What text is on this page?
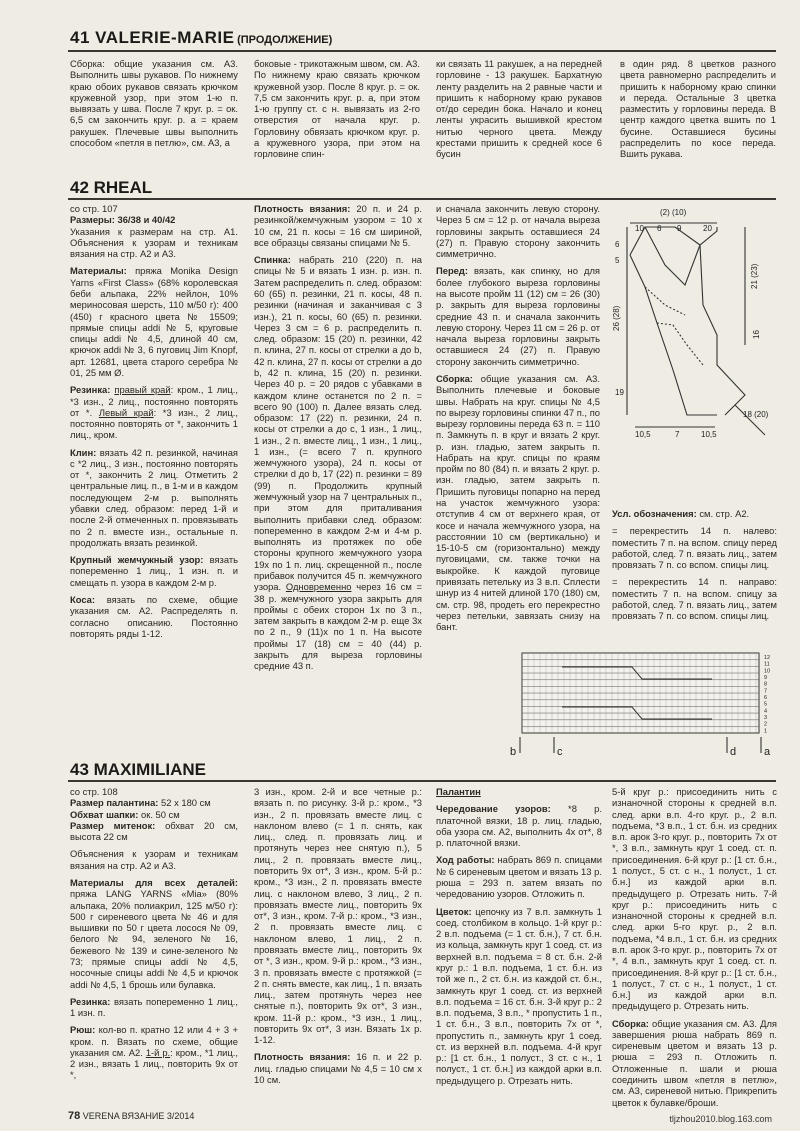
41 VALERIE-MARIE (ПРОДОЛЖЕНИЕ)
Сборка: общие указания см. А3. Выполнить швы рукавов. По нижнему краю обоих рукавов связать крючком кружевной узор, при этом 1-ю п. вывязать у шва. После 7 круг. р. = ок. 6,5 см закончить круг. р. а = краем ракушек. Плечевые швы выполнить способом «петля в петлю», см. А3, а
боковые - трикотажным швом, см. А3. По нижнему краю связать крючком кружевной узор. После 8 круг. р. = ок. 7,5 см закончить круг. р. а, при этом 1-ю группу ст. с н. вывязать из 2-го отверстия от начала круг. р. Горловину обвязать крючком круг. р. а кружевного узора, при этом на горловине спин-
ки связать 11 ракушек, а на передней горловине - 13 ракушек. Бархатную ленту разделить на 2 равные части и пришить к наборному краю рукавов от/до середин бока. Начало и конец ленты украсить вышивкой крестом нитью черного цвета. Между крестами пришить к средней косе 6 бусин
в один ряд. 8 цветков разного цвета равномерно распределить и пришить к наборному краю спинки и переда. Остальные 3 цветка разместить у горловины переда. В центр каждого цветка вшить по 1 бусине. Оставшиеся бусины распределить по косе переда. Вшить рукава.
42 RHEAL

со стр. 107
Размеры: 36/38 и 40/42
Указания к размерам на стр. А1. Объяснения к узорам и техникам вязания на стр. А2 и А3.

Материалы: пряжа Monika Design Yarns «First Class» (68% королевская беби альпака, 22% нейлон, 10% мериносовая шерсть, 110 м/50 г): 400 (450) г красного цвета № 15509; прямые спицы addi № 5, круговые спицы addi № 4,5, длиной 40 см, крючок addi № 3, 6 пуговиц Jim Knopf, арт. 12681, цвета старого серебра № 01, 25 мм Ø.

Резинка: правый край: кром., 1 лиц., *3 изн., 2 лиц., постоянно повторять от *. Левый край: *3 изн., 2 лиц., постоянно повторять от *, закончить 1 лиц., кром.

Клин: вязать 42 п. резинкой, начиная с *2 лиц., 3 изн., постоянно повторять от *, закончить 2 лиц. Отметить 2 центральные лиц. п., в 1-м и в каждом последующем 2-м р. выполнять убавки след. образом: перед 1-й и после 2-й отмеченных п. провязывать по 2 п. вместе изн., остальные п. продолжать вязать резинкой.

Крупный жемчужный узор: вязать попеременно 1 лиц., 1 изн. п. и смещать п. узора в каждом 2-м р.

Коса: вязать по схеме, общие указания см. А2. Распределять п. согласно описанию. Постоянно повторять ряды 1-12.

Плотность вязания: 20 п. и 24 р. резинкой/жемчужным узором = 10 x 10 см, 21 п. косы = 16 см шириной, все образцы связаны спицами № 5.

Спинка: набрать 210 (220) п. на спицы № 5 и вязать 1 изн. р. изн. п. Затем распределить п. след. образом: 60 (65) п. резинки, 21 п. косы, 48 п. резинки (начиная и заканчивая с 3 изн.), 21 п. косы, 60 (65) п. резинки. Через 3 см = 6 р. распределить п. след. образом: 15 (20) п. резинки, 42 п. клина, 27 п. косы от стрелки a до b, 42 п. клина, 27 п. косы от стрелки a до b, 42 п. клина, 15 (20) п. резинки. Через 40 р. = 20 рядов с убавками в каждом клине останется по 2 п. = всего 90 (100) п. Далее вязать след. образом: 17 (22) п. резинки, 24 п. косы от стрелки a до c, 1 изн., 1 лиц., 1 изн., 2 п. вместе лиц., 1 изн., 1 лиц., 1 изн., (= всего 7 п. крупного жемчужного узора), 24 п. косы от стрелки d до b, 17 (22) п. резинки = 89 (99) п. Продолжить крупный жемчужный узор на 7 центральных п., при этом для приталивания выполнить прибавки след. образом: попеременно в каждом 2-м и 4-м р. выполнять из протяжек по обе стороны крупного жемчужного узора 19x по 1 п. лиц. скрещенной п., после прибавок получится 45 п. жемчужного узора. Одновременно через 16 см = 38 р. жемчужного узора закрыть для проймы с обеих сторон 1x по 3 п., затем закрыть в каждом 2-м р. еще 3x по 2 п., 9 (11)x по 1 п. На высоте проймы 17 (18) см = 40 (44) р. закрыть для выреза горловины средние 43 п.

и сначала закончить левую сторону. Через 5 см = 12 р. от начала выреза горловины закрыть оставшиеся 24 (27) п. Правую сторону закончить симметрично.

Перед: вязать, как спинку, но для более глубокого выреза горловины на высоте пройм 11 (12) см = 26 (30) р. закрыть для выреза горловины средние 43 п. и сначала закончить левую сторону. Через 11 см = 26 р. от начала выреза горловины закрыть оставшиеся 24 (27) п. Правую сторону закончить симметрично.

Сборка: общие указания см. А3. Выполнить плечевые и боковые швы. Набрать на круг. спицы № 4,5 по вырезу горловины спинки 47 п., по вырезу горловины переда 63 п. = 110 п. Замкнуть п. в круг и вязать 2 круг. р. изн. гладью, затем закрыть п. Набрать на круг. спицы по краям пройм по 80 (84) п. и вязать 2 круг. р. изн. гладью, затем закрыть п. Пришить пуговицы попарно на перед на участок жемчужного узора: отступив 4 см от верхнего края, от косе и начала жемчужного узора, на расстоянии 10 см (вертикально) и 15-10-5 см (горизонтально) между пуговицами, см. также точки на выкройке. К каждой пуговице привязать петельку из 3 в.п. Сплести шнур из 4 нитей длиной 170 (180) см, см. стр. 98, продеть его перекрестно через петельки, завязать снизу на бант.

(2) (10)
10 6 9	20
6
5
26 (28)
19
21 (23)
16
10,5	7	10,5
18 (20)

Усл. обозначения: см. стр. А2.

= перекрестить 14 п. налево: поместить 7 п. на вспом. спицу перед работой, след. 7 п. вязать лиц., затем провязать 7 п. со вспом. спицы лиц.

= перекрестить 14 п. направо: поместить 7 п. на вспом. спицу за работой, след. 7 п. вязать лиц., затем провязать 7 п. со вспом. спицы лиц.

12
11
10
9
8
7
6
5
4
3
2
1
b	c	d	a
43 MAXIMILIANE

со стр. 108
Размер палантина: 52 x 180 см
Обхват шапки: ок. 50 см
Размер митенок: обхват 20 см, высота 22 см

Объяснения к узорам и техникам вязания на стр. А2 и А3.

Материалы для всех деталей: пряжа LANG YARNS «Mia» (80% альпака, 20% полиакрил, 125 м/50 г): 500 г сиреневого цвета № 46 и для вышивки по 50 г цвета лосося № 09, белого № 94, зеленого № 16, бежевого № 139 и сине-зеленого № 73; прямые спицы addi № 4,5, носочные спицы addi № 4,5 и крючок addi № 4,5, 1 брошь или булавка.

Резинка: вязать попеременно 1 лиц., 1 изн. п.

Рюш: кол-во п. кратно 12 или 4 + 3 + кром. п. Вязать по схеме, общие указания см. А2. 1-й р.: кром., *1 лиц., 2 изн., вязать 1 лиц., повторить 9x от *,

3 изн., кром. 2-й и все четные р.: вязать п. по рисунку. 3-й р.: кром., *3 изн., 2 п. провязать вместе лиц. с наклоном влево (= 1 п. снять, как лиц., след. п. провязать лиц. и протянуть через нее снятую п.), 5 лиц., 2 п. провязать вместе лиц., повторить 9x от*, 3 изн., кром. 5-й р.: кром., *3 изн., 2 п. провязать вместе лиц. с наклоном влево, 3 лиц., 2 п. провязать вместе лиц., повторить 9x от*, 3 изн., кром. 7-й р.: кром., *3 изн., 2 п. провязать вместе лиц. с наклоном влево, 1 лиц., 2 п. провязать вместе лиц., повторить 9x от *, 3 изн., кром. 9-й р.: кром., *3 изн., 3 п. провязать вместе с протяжкой (= 2 п. снять вместе, как лиц., 1 п. вязать лиц., затем протянуть через нее снятые п.), повторить 9x от*, 3 изн., кром. 11-й р.: кром., *3 изн., 1 лиц., повторить 9x от*, 3 изн. Вязать 1x р. 1-12.

Плотность вязания: 16 п. и 22 р. лиц. гладью спицами № 4,5 = 10 см x 10 см.

Палантин

Чередование узоров: *8 р. платочной вязки, 18 р. лиц. гладью, оба узора см. А2, выполнить 4x от*, 8 р. платочной вязки.

Ход работы: набрать 869 п. спицами № 6 сиреневым цветом и вязать 13 р. рюша = 293 п. затем вязать по чередованию узоров. Отложить п.

Цветок: цепочку из 7 в.п. замкнуть 1 соед. столбиком в кольцо. 1-й круг р.: 2 в.п. подъема (= 1 ст. б.н.), 7 ст. б.н. из кольца, замкнуть круг 1 соед. ст. из верхней в.п. подъема = 8 ст. б.н. 2-й круг р.: 1 в.п. подъема, 1 ст. б.н. из той же п., 2 ст. б.н. из каждой ст. б.н., замкнуть круг 1 соед. ст. из верхней в.п. подъема = 16 ст. б.н. 3-й круг р.: 2 в.п. подъема, 3 в.п., * пропустить 1 п., 1 ст. б.н., 3 в.п., повторить 7x от *, пропустить п., замкнуть круг 1 соед. ст. из верхней в.п. подъема. 4-й круг р.: [1 ст. б.н., 1 полуст., 3 ст. с н., 1 полуст., 1 ст. б.н.] из каждой арки в.п. предыдущего р. Отрезать нить.

5-й круг р.: присоединить нить с изнаночной стороны к средней в.п. след. арки в.п. 4-го круг. р., 2 в.п. подъема, *3 в.п., 1 ст. б.н. из средних в.п. арок 3-го круг. р., повторить 7x от *, 3 в.п., замкнуть круг 1 соед. ст. п. присоединения. 6-й круг р.: [1 ст. б.н., 1 полуст., 5 ст. с н., 1 полуст., 1 ст. б.н.] из каждой арки в.п. предыдущего р. Отрезать нить. 7-й круг р.: присоединить нить с изнаночной стороны к средней в.п. след. арки 5-го круг. р., 2 в.п. подъема, *4 в.п., 1 ст. б.н. из средних в.п. арок 3-го круг. р., повторить 7x от *, 4 в.п., замкнуть круг 1 соед. ст. п. присоединения. 8-й круг р.: [1 ст. б.н., 1 полуст., 7 ст. с н., 1 полуст., 1 ст. б.н.] из каждой арки в.п. предыдущего р. Отрезать нить.

Сборка: общие указания см. А3. Для завершения рюша набрать 869 п. сиреневым цветом и вязать 13 р. рюша = 293 п. Отложить п. Отложенные п. шали и рюша соединить швом «петля в петлю», см. А3, сиреневой нитью. Прикрепить цветок к булавке/броши.

78 VERENA ВЯЗАНИЕ 3/2014	tljzhou2010.blog.163.com
